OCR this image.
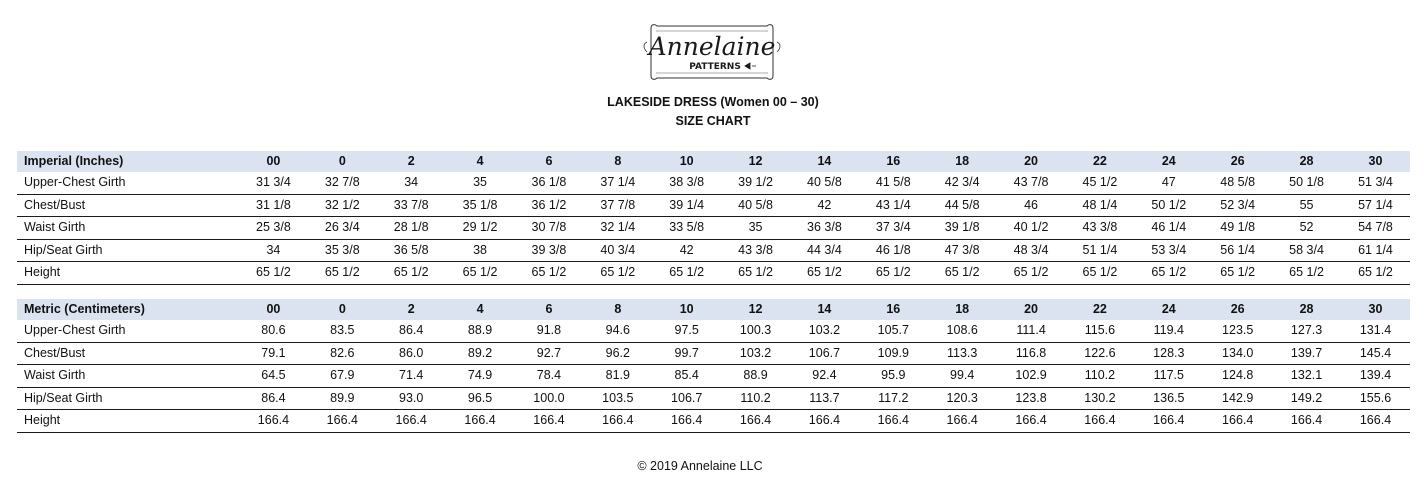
Annelaine
PATTERNS
LAKESIDE DRESS (Women 00 – 30)
SIZE CHART
Imperial (Inches)	00	0	2	4	6	8	10	12	14	16	18	20	22	24	26	28	30
Upper-Chest Girth	31 3/4	32 7/8	34	35	36 1/8	37 1/4	38 3/8	39 1/2	40 5/8	41 5/8	42 3/4	43 7/8	45 1/2	47	48 5/8	50 1/8	51 3/4
Chest/Bust	31 1/8	32 1/2	33 7/8	35 1/8	36 1/2	37 7/8	39 1/4	40 5/8	42	43 1/4	44 5/8	46	48 1/4	50 1/2	52 3/4	55	57 1/4
Waist Girth	25 3/8	26 3/4	28 1/8	29 1/2	30 7/8	32 1/4	33 5/8	35	36 3/8	37 3/4	39 1/8	40 1/2	43 3/8	46 1/4	49 1/8	52	54 7/8
Hip/Seat Girth	34	35 3/8	36 5/8	38	39 3/8	40 3/4	42	43 3/8	44 3/4	46 1/8	47 3/8	48 3/4	51 1/4	53 3/4	56 1/4	58 3/4	61 1/4
Height	65 1/2	65 1/2	65 1/2	65 1/2	65 1/2	65 1/2	65 1/2	65 1/2	65 1/2	65 1/2	65 1/2	65 1/2	65 1/2	65 1/2	65 1/2	65 1/2	65 1/2
Metric (Centimeters)	00	0	2	4	6	8	10	12	14	16	18	20	22	24	26	28	30
Upper-Chest Girth	80.6	83.5	86.4	88.9	91.8	94.6	97.5	100.3	103.2	105.7	108.6	111.4	115.6	119.4	123.5	127.3	131.4
Chest/Bust	79.1	82.6	86.0	89.2	92.7	96.2	99.7	103.2	106.7	109.9	113.3	116.8	122.6	128.3	134.0	139.7	145.4
Waist Girth	64.5	67.9	71.4	74.9	78.4	81.9	85.4	88.9	92.4	95.9	99.4	102.9	110.2	117.5	124.8	132.1	139.4
Hip/Seat Girth	86.4	89.9	93.0	96.5	100.0	103.5	106.7	110.2	113.7	117.2	120.3	123.8	130.2	136.5	142.9	149.2	155.6
Height	166.4	166.4	166.4	166.4	166.4	166.4	166.4	166.4	166.4	166.4	166.4	166.4	166.4	166.4	166.4	166.4	166.4
© 2019 Annelaine LLC
